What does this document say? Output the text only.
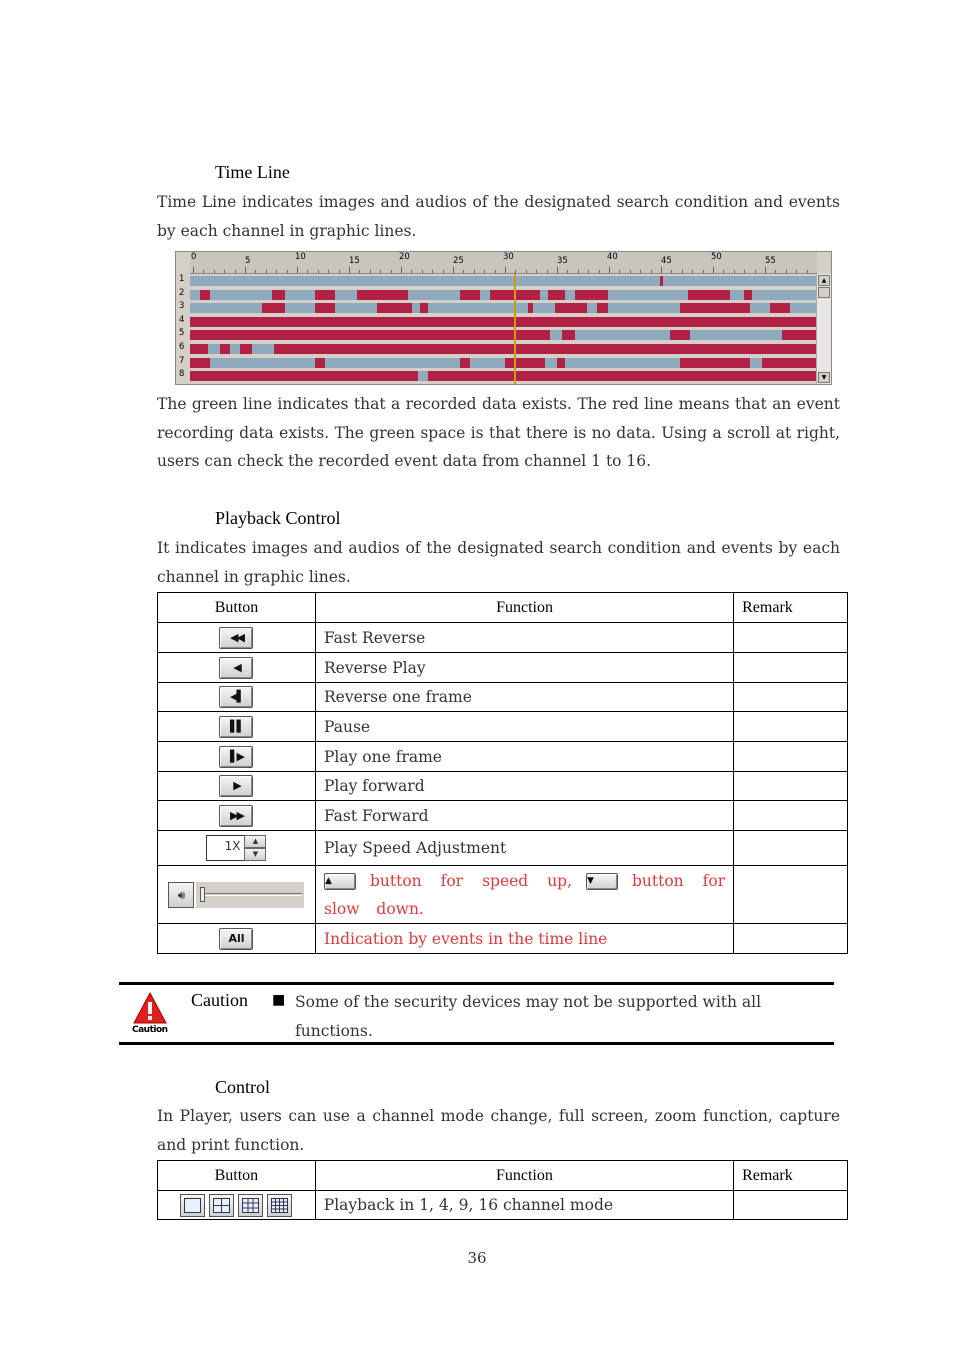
Time Line
Time Line indicates images and audios of the designated search condition and events by each channel in graphic lines.
0	5	10	15	20	25	30	35	40	45	50	55
1
2
3
4
5
6
7
8
▲
▼
The green line indicates that a recorded data exists. The red line means that an event recording data exists. The green space is that there is no data. Using a scroll at right, users can check the recorded event data from channel 1 to 16.
Playback Control
It indicates images and audios of the designated search condition and events by each channel in graphic lines.
Button	Function	Remark
◀◀	Fast Reverse	
◀	Reverse Play	
◀▌	Reverse one frame	
▌▌	Pause	
▌▶	Play one frame	
▶	Play forward	
▶▶	Fast Forward	

1X ▲
▼	Play Speed Adjustment	

🔊︎	▲ button for speed up, ▼ button for slow down.	
All	Indication by events in the time line	
Caution
Caution ■ Some of the security devices may not be supported with all
functions.
Control
In Player, users can use a channel mode change, full screen, zoom function, capture and print function.
Button	Function	Remark

	Playback in 1, 4, 9, 16 channel mode	
36
